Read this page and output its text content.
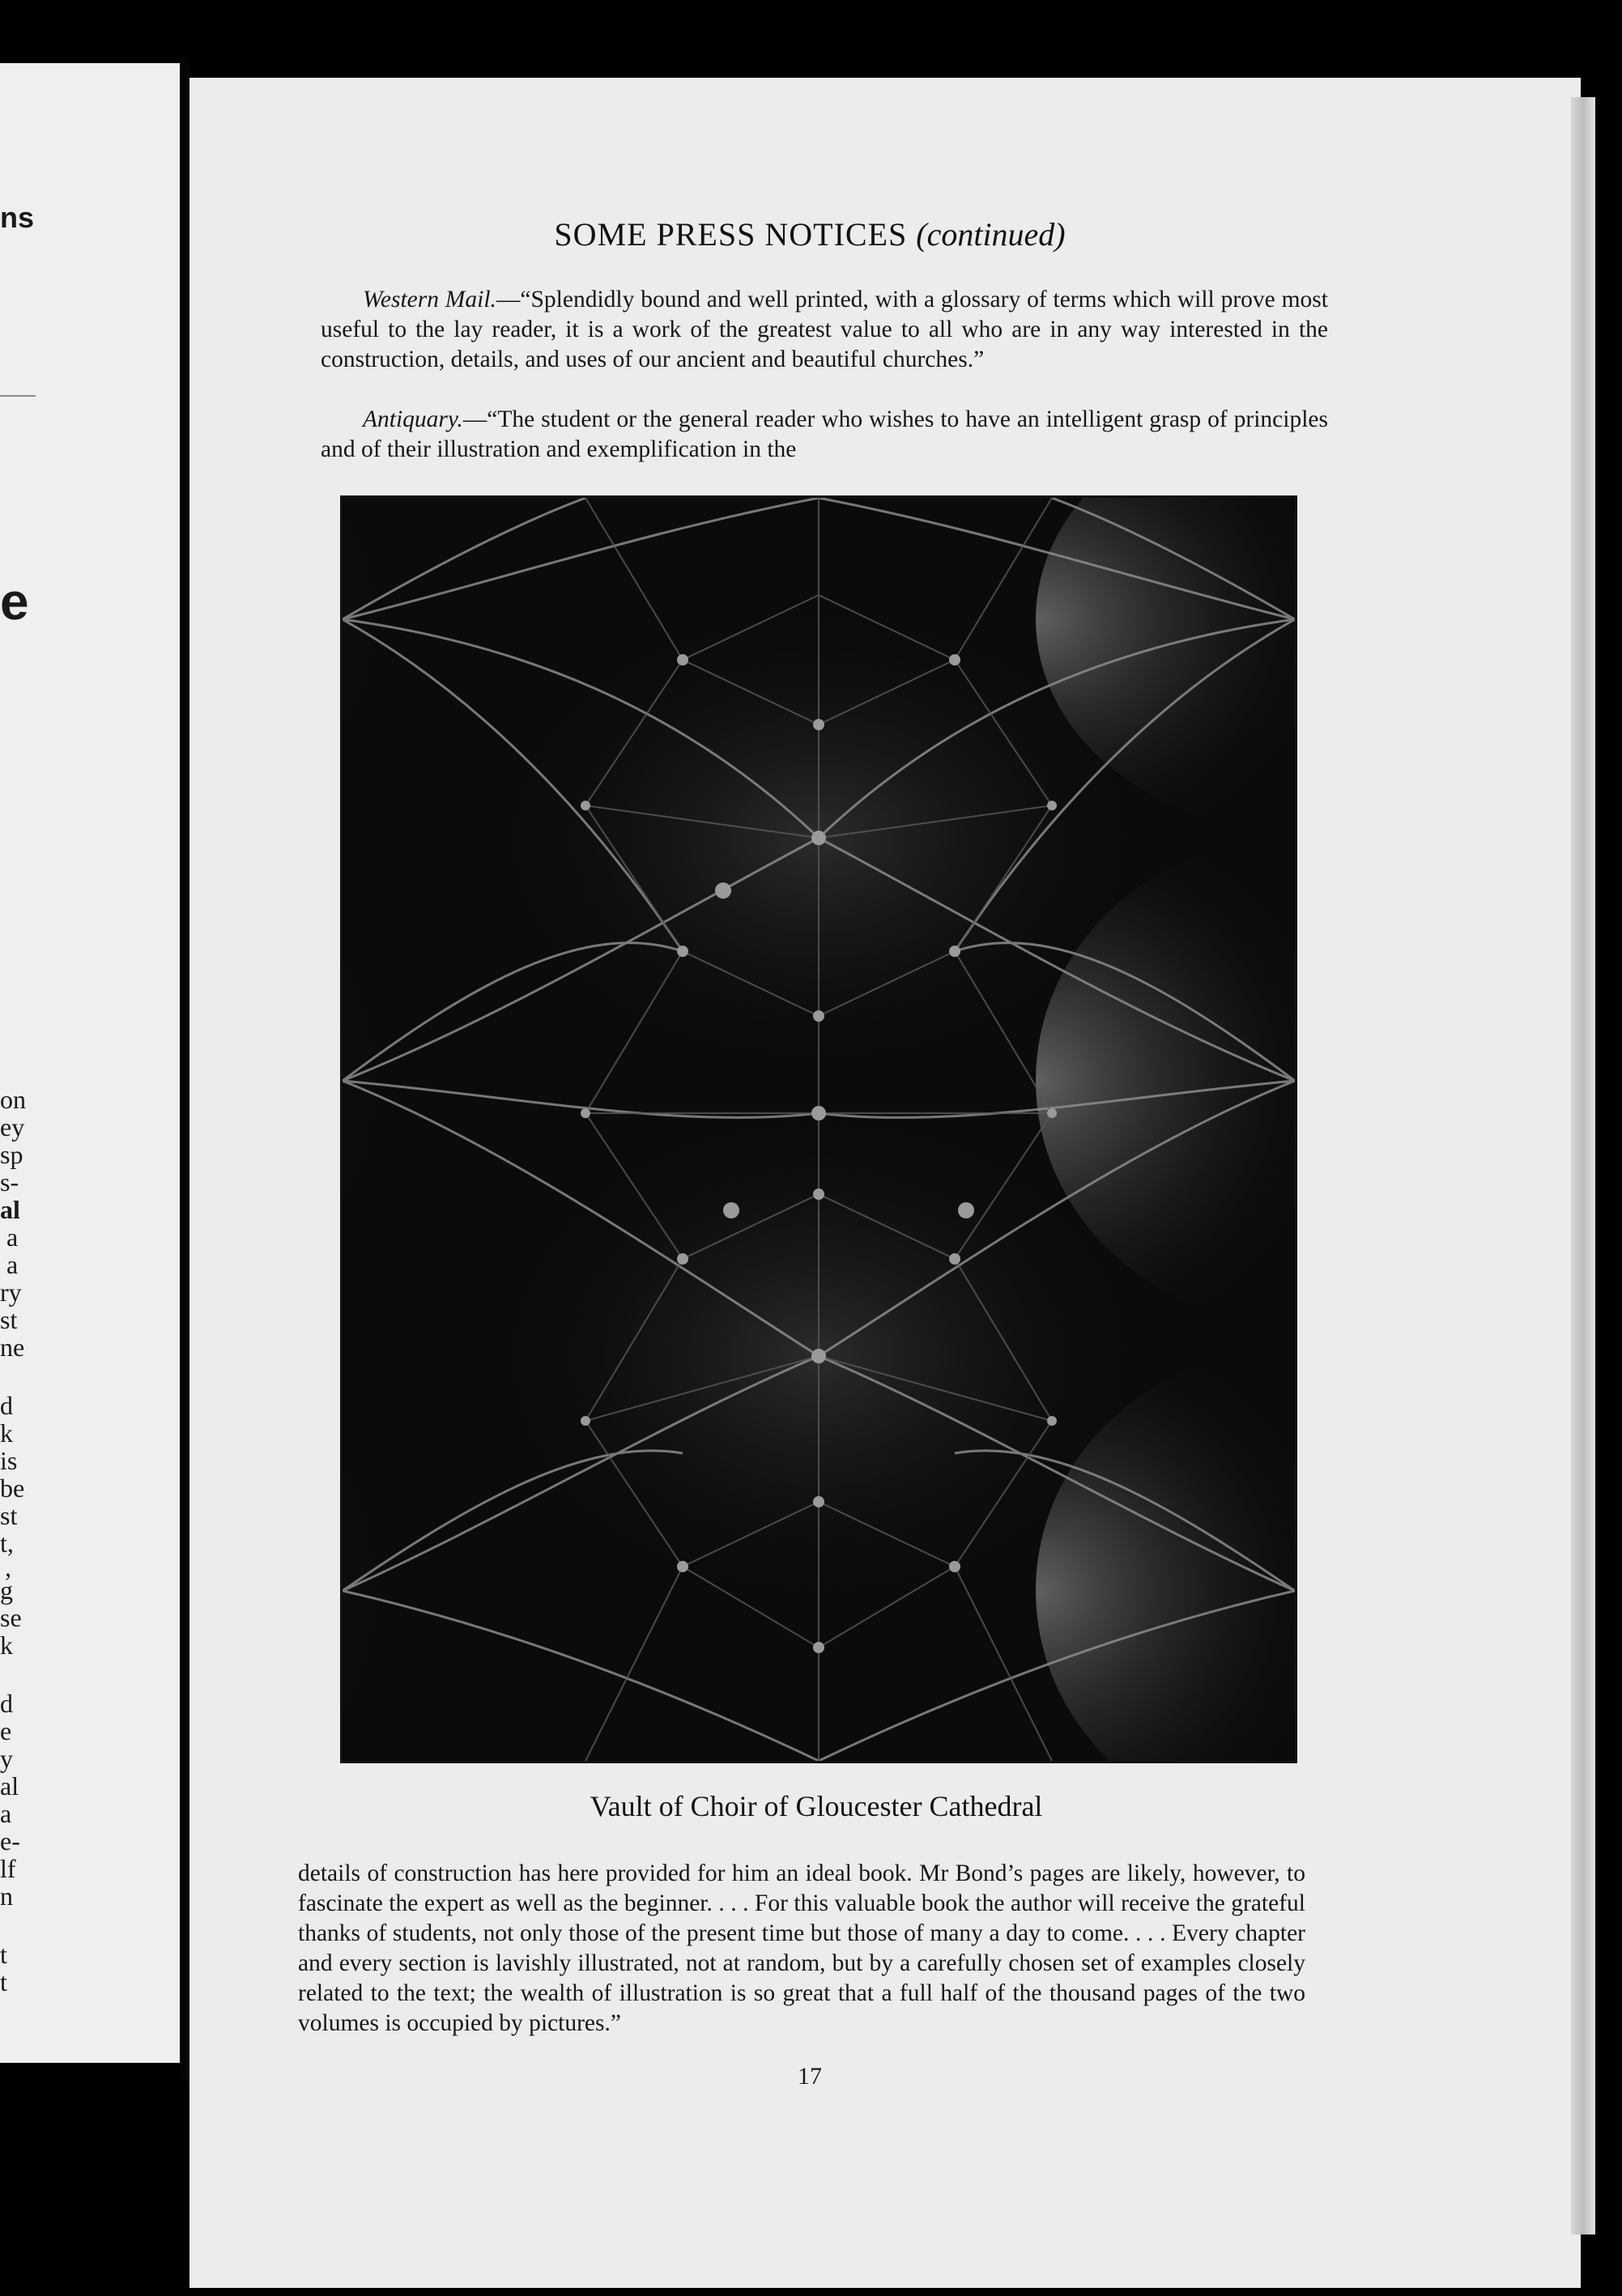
ns
e
on
ey
sp
s-
al
a
a
ry
st
ne
d
k
is
be
st
t,
,
g
se
k
d
e
y
al
a
e-
lf
n
t
t
SOME PRESS NOTICES (continued)
Western Mail.—“Splendidly bound and well printed, with a glossary of terms which will prove most useful to the lay reader, it is a work of the greatest value to all who are in any way interested in the construction, details, and uses of our ancient and beautiful churches.”
Antiquary.—“The student or the general reader who wishes to have an intelligent grasp of principles and of their illustration and exemplification in the
Vault of Choir of Gloucester Cathedral
details of construction has here provided for him an ideal book. Mr Bond’s pages are likely, however, to fascinate the expert as well as the beginner. . . . For this valuable book the author will receive the grateful thanks of students, not only those of the present time but those of many a day to come. . . . Every chapter and every section is lavishly illustrated, not at random, but by a carefully chosen set of examples closely related to the text; the wealth of illustration is so great that a full half of the thousand pages of the two volumes is occupied by pictures.”
17
